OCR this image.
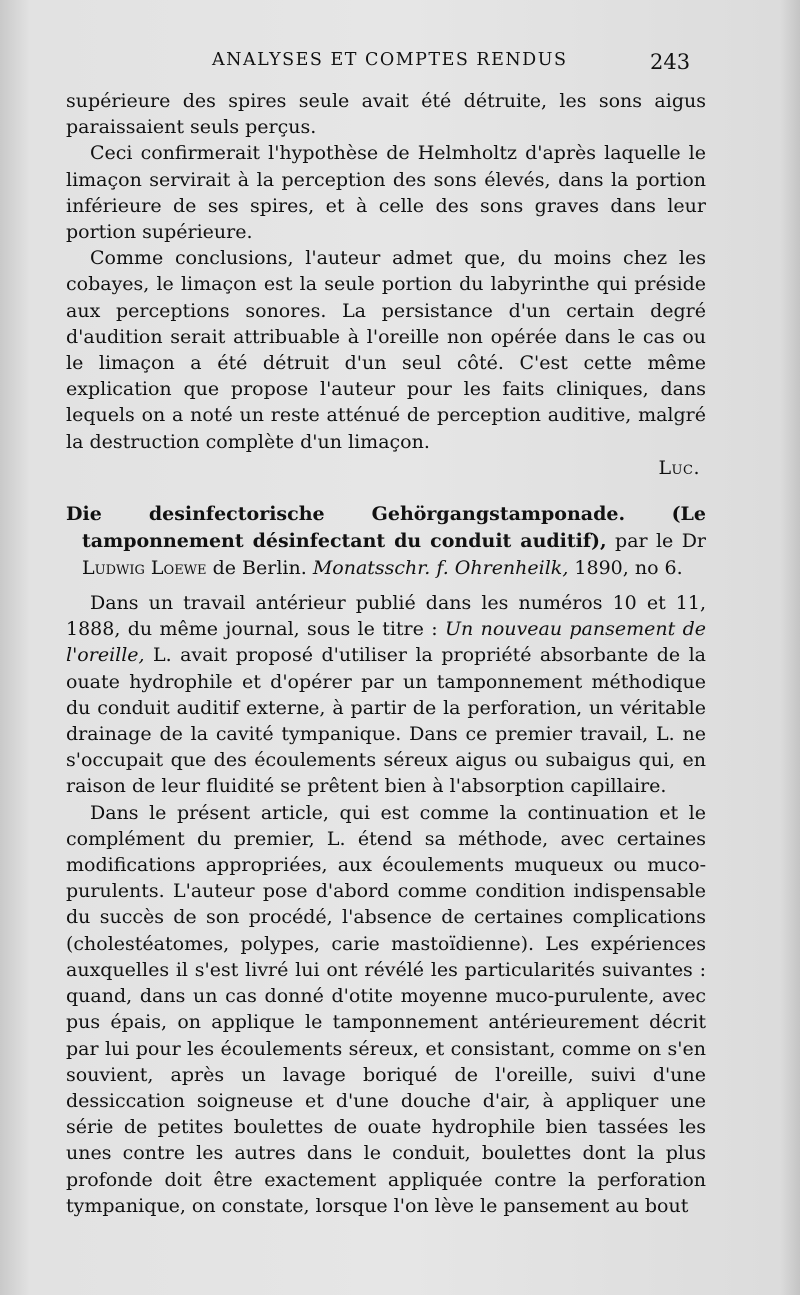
ANALYSES ET COMPTES RENDUS	243

supérieure des spires seule avait été détruite, les sons aigus paraissaient seuls perçus.

Ceci confirmerait l'hypothèse de Helmholtz d'après laquelle le limaçon servirait à la perception des sons élevés, dans la portion inférieure de ses spires, et à celle des sons graves dans leur portion supérieure.

Comme conclusions, l'auteur admet que, du moins chez les cobayes, le limaçon est la seule portion du labyrinthe qui préside aux perceptions sonores. La persistance d'un certain degré d'audition serait attribuable à l'oreille non opérée dans le cas ou le limaçon a été détruit d'un seul côté. C'est cette même explication que propose l'auteur pour les faits cliniques, dans lequels on a noté un reste atténué de perception auditive, malgré la destruction complète d'un limaçon.

Luc.

Die desinfectorische Gehörgangstamponade. (Le tamponnement désinfectant du conduit auditif), par le Dr Ludwig Loewe de Berlin. Monatsschr. f. Ohrenheilk, 1890, no 6.

Dans un travail antérieur publié dans les numéros 10 et 11, 1888, du même journal, sous le titre : Un nouveau pansement de l'oreille, L. avait proposé d'utiliser la propriété absorbante de la ouate hydrophile et d'opérer par un tamponnement méthodique du conduit auditif externe, à partir de la perforation, un véritable drainage de la cavité tympanique. Dans ce premier travail, L. ne s'occupait que des écoulements séreux aigus ou subaigus qui, en raison de leur fluidité se prêtent bien à l'absorption capillaire.

Dans le présent article, qui est comme la continuation et le complément du premier, L. étend sa méthode, avec certaines modifications appropriées, aux écoulements muqueux ou muco-purulents. L'auteur pose d'abord comme condition indispensable du succès de son procédé, l'absence de certaines complications (cholestéatomes, polypes, carie mastoïdienne). Les expériences auxquelles il s'est livré lui ont révélé les particularités suivantes : quand, dans un cas donné d'otite moyenne muco-purulente, avec pus épais, on applique le tamponnement antérieurement décrit par lui pour les écoulements séreux, et consistant, comme on s'en souvient, après un lavage boriqué de l'oreille, suivi d'une dessiccation soigneuse et d'une douche d'air, à appliquer une série de petites boulettes de ouate hydrophile bien tassées les unes contre les autres dans le conduit, boulettes dont la plus profonde doit être exactement appliquée contre la perforation tympanique, on constate, lorsque l'on lève le pansement au bout
